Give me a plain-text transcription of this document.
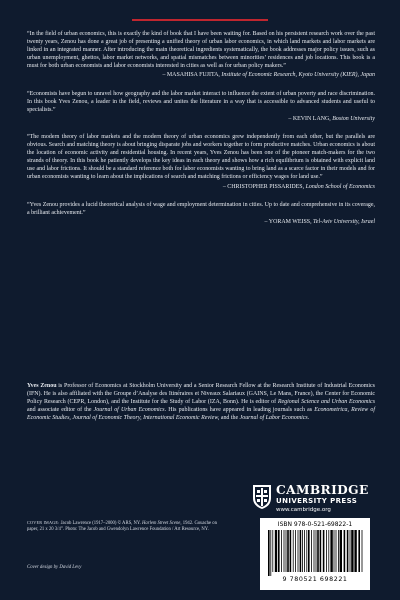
“In the field of urban economics, this is exactly the kind of book that I have been waiting for. Based on his persistent research work over the past twenty years, Zenou has done a great job of presenting a unified theory of urban labor economics, in which land markets and labor markets are linked in an integrated manner. After introducing the main theoretical ingredients systematically, the book addresses major policy issues, such as urban unemployment, ghettos, labor market networks, and spatial mismatches between minorities’ residences and job locations. This book is a must for both urban economists and labor economists interested in cities as well as for urban policy makers.”

– MASAHISA FUJITA, Institute of Economic Research, Kyoto University (KIER), Japan

“Economists have begun to unravel how geography and the labor market interact to influence the extent of urban poverty and race discrimination. In this book Yves Zenou, a leader in the field, reviews and unites the literature in a way that is accessible to advanced students and useful to specialists.”

– KEVIN LANG, Boston University

“The modern theory of labor markets and the modern theory of urban economics grew independently from each other, but the parallels are obvious. Search and matching theory is about bringing disparate jobs and workers together to form productive matches. Urban economics is about the location of economic activity and residential housing. In recent years, Yves Zenou has been one of the pioneer match-makers for the two strands of theory. In this book he patiently develops the key ideas in each theory and shows how a rich equilibrium is obtained with explicit land use and labor frictions. It should be a standard reference both for labor economists wanting to bring land as a scarce factor in their models and for urban economists wanting to learn about the implications of search and matching frictions or efficiency wages for land use.”

– CHRISTOPHER PISSARIDES, London School of Economics

“Yves Zenou provides a lucid theoretical analysis of wage and employment determination in cities. Up to date and comprehensive in its coverage, a brilliant achievement.”

– YORAM WEISS, Tel-Aviv University, Israel

Yves Zenou is Professor of Economics at Stockholm University and a Senior Research Fellow at the Research Institute of Industrial Economics (IFN). He is also affiliated with the Groupe d’Analyse des Itinéraires et Niveaux Salariaux (GAINS, Le Mans, France), the Center for Economic Policy Research (CEPR, London), and the Institute for the Study of Labor (IZA, Bonn). He is editor of Regional Science and Urban Economics and associate editor of the Journal of Urban Economics. His publications have appeared in leading journals such as Econometrica, Review of Economic Studies, Journal of Economic Theory, International Economic Review, and the Journal of Labor Economics.

COVER IMAGE: Jacob Lawrence (1917–2000) © ARS, NY. Harlem Street Scene, 1942. Gouache on paper, 21 x 20 3/4”. Photo: The Jacob and Gwendolyn Lawrence Foundation / Art Resource, NY.

Cover design by David Levy
CAMBRIDGE
UNIVERSITY PRESS
www.cambridge.org
ISBN 978-0-521-69822-1
9 780521 698221
